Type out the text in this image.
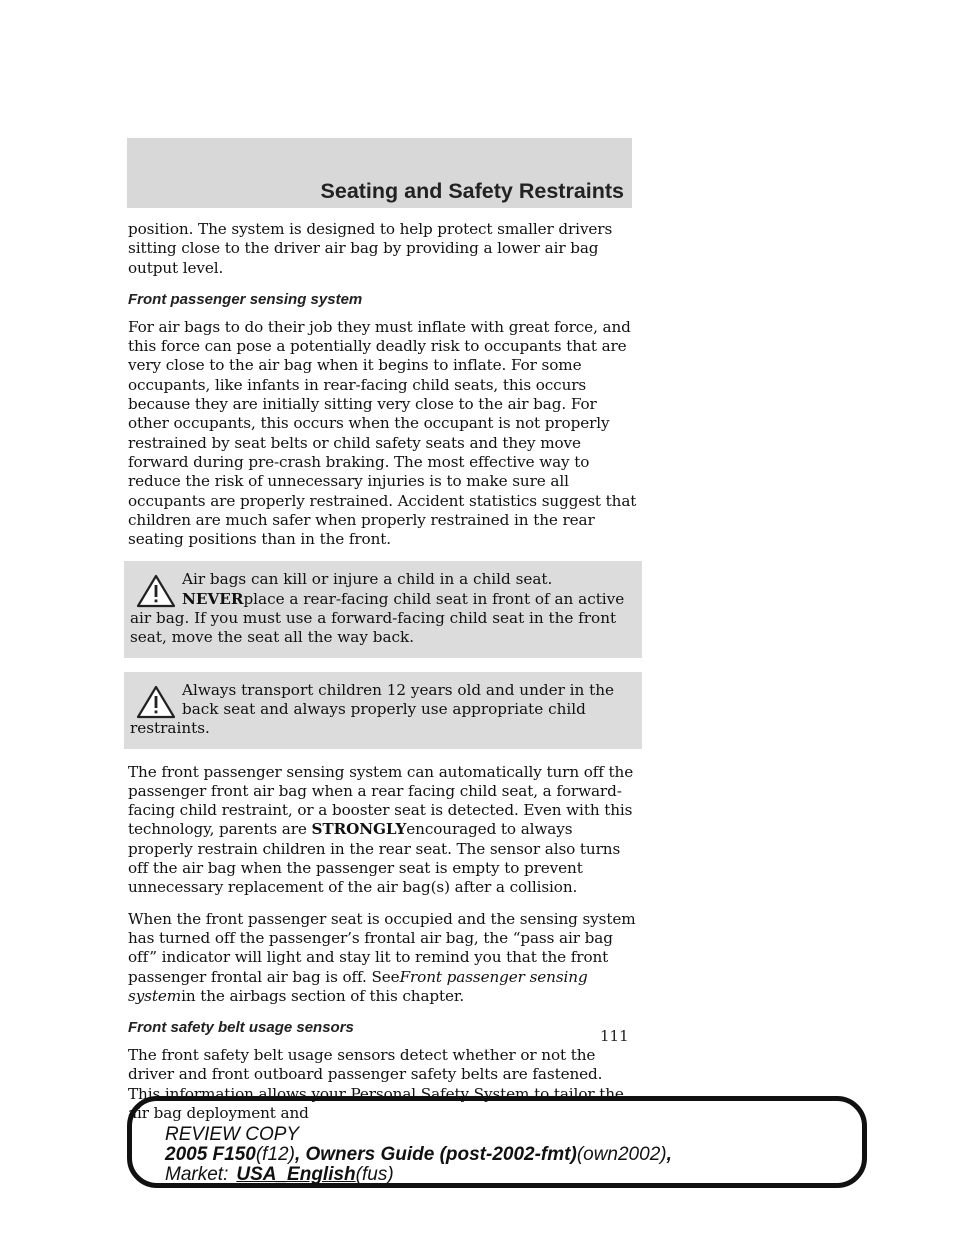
Seating and Safety Restraints

position. The system is designed to help protect smaller drivers sitting close to the driver air bag by providing a lower air bag output level.

Front passenger sensing system

For air bags to do their job they must inflate with great force, and this force can pose a potentially deadly risk to occupants that are very close to the air bag when it begins to inflate. For some occupants, like infants in rear-facing child seats, this occurs because they are initially sitting very close to the air bag. For other occupants, this occurs when the occupant is not properly restrained by seat belts or child safety seats and they move forward during pre-crash braking. The most effective way to reduce the risk of unnecessary injuries is to make sure all occupants are properly restrained. Accident statistics suggest that children are much safer when properly restrained in the rear seating positions than in the front.

Air bags can kill or injure a child in a child seat. NEVERplace a rear-facing child seat in front of an active air bag. If you must use a forward-facing child seat in the front seat, move the seat all the way back.
Always transport children 12 years old and under in the back seat and always properly use appropriate child restraints.

The front passenger sensing system can automatically turn off the passenger front air bag when a rear facing child seat, a forward-facing child restraint, or a booster seat is detected. Even with this technology, parents are STRONGLYencouraged to always properly restrain children in the rear seat. The sensor also turns off the air bag when the passenger seat is empty to prevent unnecessary replacement of the air bag(s) after a collision.

When the front passenger seat is occupied and the sensing system has turned off the passenger’s frontal air bag, the “pass air bag off” indicator will light and stay lit to remind you that the front passenger frontal air bag is off. SeeFront passenger sensing systemin the airbags section of this chapter.

Front safety belt usage sensors

The front safety belt usage sensors detect whether or not the driver and front outboard passenger safety belts are fastened. This information allows your Personal Safety System to tailor the air bag deployment and

111
REVIEW COPY
2005 F150(f12), Owners Guide (post-2002-fmt)(own2002),
Market: USA_English(fus)
